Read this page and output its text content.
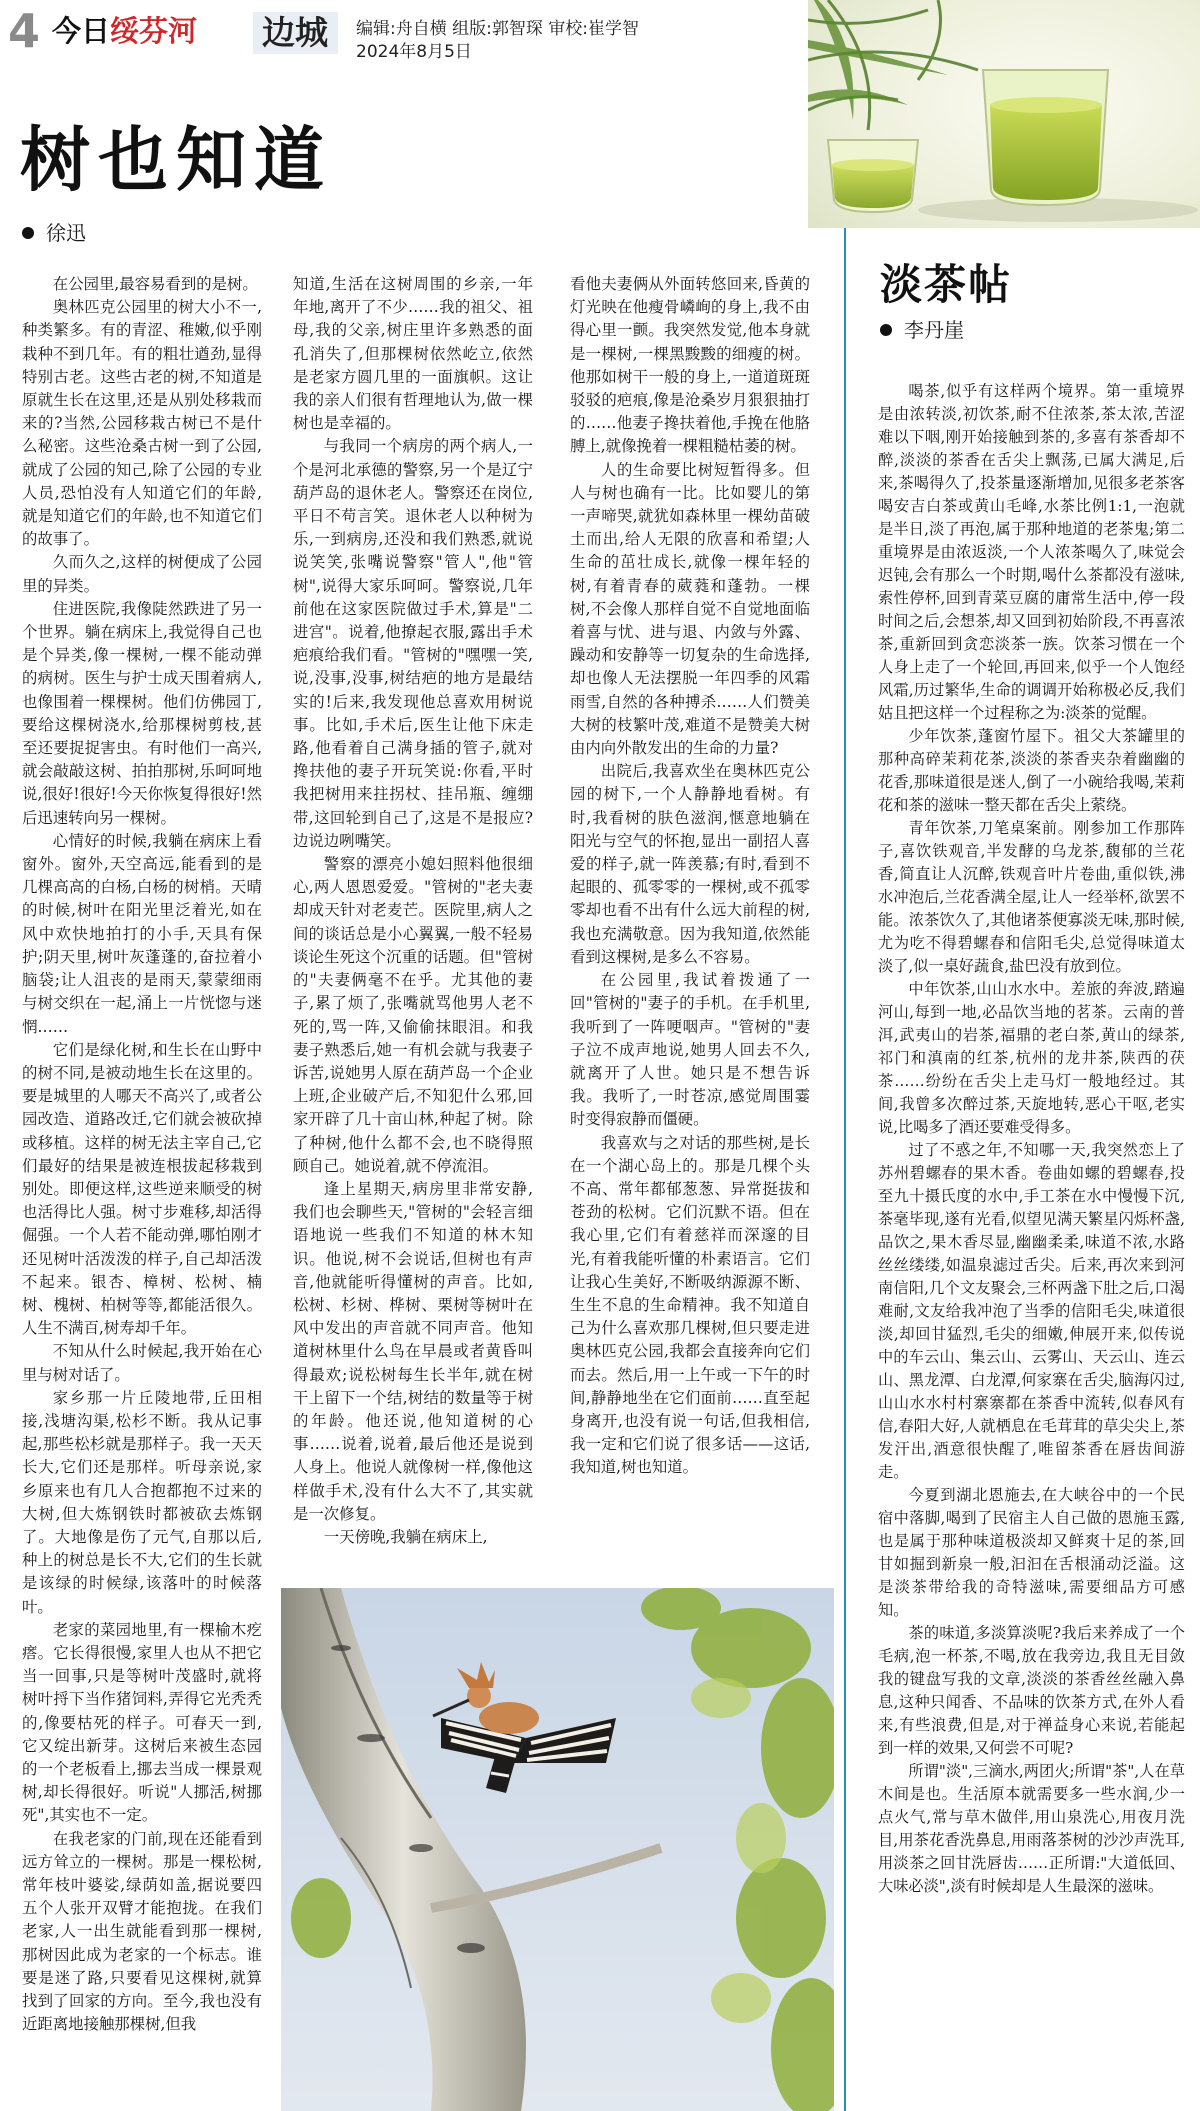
4 今日绥芬河 边城 编辑:舟自横 组版:郭智琛 审校:崔学智
2024年8月5日
树也知道
徐迅
淡茶帖
李丹崖

在公园里,最容易看到的是树。

奥林匹克公园里的树大小不一,种类繁多。有的青涩、稚嫩,似乎刚栽种不到几年。有的粗壮遒劲,显得特别古老。这些古老的树,不知道是原就生长在这里,还是从别处移栽而来的?当然,公园移栽古树已不是什么秘密。这些沧桑古树一到了公园,就成了公园的知己,除了公园的专业人员,恐怕没有人知道它们的年龄,就是知道它们的年龄,也不知道它们的故事了。

久而久之,这样的树便成了公园里的异类。

住进医院,我像陡然跌进了另一个世界。躺在病床上,我觉得自己也是个异类,像一棵树,一棵不能动弹的病树。医生与护士成天围着病人,也像围着一棵棵树。他们仿佛园丁,要给这棵树浇水,给那棵树剪枝,甚至还要捉捉害虫。有时他们一高兴,就会敲敲这树、拍拍那树,乐呵呵地说,很好!很好!今天你恢复得很好!然后迅速转向另一棵树。

心情好的时候,我躺在病床上看窗外。窗外,天空高远,能看到的是几棵高高的白杨,白杨的树梢。天晴的时候,树叶在阳光里泛着光,如在风中欢快地拍打的小手,天具有保护;阴天里,树叶灰蓬蓬的,奋拉着小脑袋;让人沮丧的是雨天,蒙蒙细雨与树交织在一起,涌上一片恍惚与迷惘……

它们是绿化树,和生长在山野中的树不同,是被动地生长在这里的。要是城里的人哪天不高兴了,或者公园改造、道路改迁,它们就会被砍掉或移植。这样的树无法主宰自己,它们最好的结果是被连根拔起移栽到别处。即便这样,这些逆来顺受的树也活得比人强。树寸步难移,却活得倔强。一个人若不能动弹,哪怕刚才还见树叶活泼泼的样子,自己却活泼不起来。银杏、樟树、松树、楠树、槐树、柏树等等,都能活很久。人生不满百,树寿却千年。

不知从什么时候起,我开始在心里与树对话了。

家乡那一片丘陵地带,丘田相接,浅塘沟渠,松杉不断。我从记事起,那些松杉就是那样子。我一天天长大,它们还是那样。听母亲说,家乡原来也有几人合抱都抱不过来的大树,但大炼钢铁时都被砍去炼钢了。大地像是伤了元气,自那以后,种上的树总是长不大,它们的生长就是该绿的时候绿,该落叶的时候落叶。

老家的菜园地里,有一棵榆木疙瘩。它长得很慢,家里人也从不把它当一回事,只是等树叶茂盛时,就将树叶捋下当作猪饲料,弄得它光秃秃的,像要枯死的样子。可春天一到,它又绽出新芽。这树后来被生态园的一个老板看上,挪去当成一棵景观树,却长得很好。听说"人挪活,树挪死",其实也不一定。

在我老家的门前,现在还能看到远方耸立的一棵树。那是一棵松树,常年枝叶婆娑,绿荫如盖,据说要四五个人张开双臂才能抱拢。在我们老家,人一出生就能看到那一棵树,那树因此成为老家的一个标志。谁要是迷了路,只要看见这棵树,就算找到了回家的方向。至今,我也没有近距离地接触那棵树,但我

知道,生活在这树周围的乡亲,一年年地,离开了不少……我的祖父、祖母,我的父亲,树庄里许多熟悉的面孔消失了,但那棵树依然屹立,依然是老家方圆几里的一面旗帜。这让我的亲人们很有哲理地认为,做一棵树也是幸福的。

与我同一个病房的两个病人,一个是河北承德的警察,另一个是辽宁葫芦岛的退休老人。警察还在岗位,平日不苟言笑。退休老人以种树为乐,一到病房,还没和我们熟悉,就说说笑笑,张嘴说警察"管人",他"管树",说得大家乐呵呵。警察说,几年前他在这家医院做过手术,算是"二进宫"。说着,他撩起衣服,露出手术疤痕给我们看。"管树的"嘿嘿一笑,说,没事,没事,树结疤的地方是最结实的!后来,我发现他总喜欢用树说事。比如,手术后,医生让他下床走路,他看着自己满身插的管子,就对搀扶他的妻子开玩笑说:你看,平时我把树用来拄拐杖、挂吊瓶、缠绷带,这回轮到自己了,这是不是报应?边说边咧嘴笑。

警察的漂亮小媳妇照料他很细心,两人恩恩爱爱。"管树的"老夫妻却成天针对老麦芒。医院里,病人之间的谈话总是小心翼翼,一般不轻易谈论生死这个沉重的话题。但"管树的"夫妻俩毫不在乎。尤其他的妻子,累了烦了,张嘴就骂他男人老不死的,骂一阵,又偷偷抹眼泪。和我妻子熟悉后,她一有机会就与我妻子诉苦,说她男人原在葫芦岛一个企业上班,企业破产后,不知犯什么邪,回家开辟了几十亩山林,种起了树。除了种树,他什么都不会,也不晓得照顾自己。她说着,就不停流泪。

逢上星期天,病房里非常安静,我们也会聊些天,"管树的"会轻言细语地说一些我们不知道的林木知识。他说,树不会说话,但树也有声音,他就能听得懂树的声音。比如,松树、杉树、桦树、栗树等树叶在风中发出的声音就不同声音。他知道树林里什么鸟在早晨或者黄昏叫得最欢;说松树每生长半年,就在树干上留下一个结,树结的数量等于树的年龄。他还说,他知道树的心事……说着,说着,最后他还是说到人身上。他说人就像树一样,像他这样做手术,没有什么大不了,其实就是一次修复。

一天傍晚,我躺在病床上,

看他夫妻俩从外面转悠回来,昏黄的灯光映在他瘦骨嶙峋的身上,我不由得心里一颤。我突然发觉,他本身就是一棵树,一棵黑黢黢的细瘦的树。他那如树干一般的身上,一道道斑斑驳驳的疤痕,像是沧桑岁月狠狠抽打的……他妻子搀扶着他,手挽在他胳膊上,就像挽着一棵粗糙枯萎的树。

人的生命要比树短暂得多。但人与树也确有一比。比如婴儿的第一声啼哭,就犹如森林里一棵幼苗破土而出,给人无限的欣喜和希望;人生命的茁壮成长,就像一棵年轻的树,有着青春的葳蕤和蓬勃。一棵树,不会像人那样自觉不自觉地面临着喜与忧、进与退、内敛与外露、躁动和安静等一切复杂的生命选择,却也像人无法摆脱一年四季的风霜雨雪,自然的各种搏杀……人们赞美大树的枝繁叶茂,难道不是赞美大树由内向外散发出的生命的力量?

出院后,我喜欢坐在奥林匹克公园的树下,一个人静静地看树。有时,我看树的肤色滋润,惬意地躺在阳光与空气的怀抱,显出一副招人喜爱的样子,就一阵羡慕;有时,看到不起眼的、孤零零的一棵树,或不孤零零却也看不出有什么远大前程的树,我也充满敬意。因为我知道,依然能看到这棵树,是多么不容易。

在公园里,我试着拨通了一回"管树的"妻子的手机。在手机里,我听到了一阵哽咽声。"管树的"妻子泣不成声地说,她男人回去不久,就离开了人世。她只是不想告诉我。我听了,一时苍凉,感觉周围霎时变得寂静而僵硬。

我喜欢与之对话的那些树,是长在一个湖心岛上的。那是几棵个头不高、常年都郁葱葱、异常挺拔和苍劲的松树。它们沉默不语。但在我心里,它们有着慈祥而深邃的目光,有着我能听懂的朴素语言。它们让我心生美好,不断吸纳源源不断、生生不息的生命精神。我不知道自己为什么喜欢那几棵树,但只要走进奥林匹克公园,我都会直接奔向它们而去。然后,用一上午或一下午的时间,静静地坐在它们面前……直至起身离开,也没有说一句话,但我相信,我一定和它们说了很多话——这话,我知道,树也知道。

喝茶,似乎有这样两个境界。第一重境界是由浓转淡,初饮茶,耐不住浓茶,茶太浓,苦涩难以下咽,刚开始接触到茶的,多喜有茶香却不醉,淡淡的茶香在舌尖上飘荡,已属大满足,后来,茶喝得久了,投茶量逐渐增加,见很多老茶客喝安吉白茶或黄山毛峰,水茶比例1:1,一泡就是半日,淡了再泡,属于那种地道的老茶鬼;第二重境界是由浓返淡,一个人浓茶喝久了,味觉会迟钝,会有那么一个时期,喝什么茶都没有滋味,索性停杯,回到青菜豆腐的庸常生活中,停一段时间之后,会想茶,却又回到初始阶段,不再喜浓茶,重新回到贪恋淡茶一族。饮茶习惯在一个人身上走了一个轮回,再回来,似乎一个人饱经风霜,历过繁华,生命的调调开始称极必反,我们姑且把这样一个过程称之为:淡茶的觉醒。

少年饮茶,蓬窗竹屋下。祖父大茶罐里的那种高碎茉莉花茶,淡淡的茶香夹杂着幽幽的花香,那味道很是迷人,倒了一小碗给我喝,茉莉花和茶的滋味一整天都在舌尖上萦绕。

青年饮茶,刀笔桌案前。刚参加工作那阵子,喜饮铁观音,半发酵的乌龙茶,馥郁的兰花香,简直让人沉醉,铁观音叶片卷曲,重似铁,沸水冲泡后,兰花香满全屋,让人一经举杯,欲罢不能。浓茶饮久了,其他诸茶便寡淡无味,那时候,尤为吃不得碧螺春和信阳毛尖,总觉得味道太淡了,似一桌好蔬食,盐巴没有放到位。

中年饮茶,山山水水中。差旅的奔波,踏遍河山,每到一地,必品饮当地的茗茶。云南的普洱,武夷山的岩茶,福鼎的老白茶,黄山的绿茶,祁门和滇南的红茶,杭州的龙井茶,陕西的茯茶……纷纷在舌尖上走马灯一般地经过。其间,我曾多次醉过茶,天旋地转,恶心干呕,老实说,比喝多了酒还要难受得多。

过了不惑之年,不知哪一天,我突然恋上了苏州碧螺春的果木香。卷曲如螺的碧螺春,投至九十摄氏度的水中,手工茶在水中慢慢下沉,茶毫毕现,遂有光看,似望见满天繁星闪烁杯盏,品饮之,果木香尽显,幽幽柔柔,味道不浓,水路丝丝缕缕,如温泉滤过舌尖。后来,再次来到河南信阳,几个文友聚会,三杯两盏下肚之后,口渴难耐,文友给我冲泡了当季的信阳毛尖,味道很淡,却回甘猛烈,毛尖的细嫩,伸展开来,似传说中的车云山、集云山、云雾山、天云山、连云山、黑龙潭、白龙潭,何家寨在舌尖,脑海闪过,山山水水村村寨寨都在茶香中流转,似春风有信,春阳大好,人就栖息在毛茸茸的草尖尖上,茶发汗出,酒意很快醒了,唯留茶香在唇齿间游走。

今夏到湖北恩施去,在大峡谷中的一个民宿中落脚,喝到了民宿主人自己做的恩施玉露,也是属于那种味道极淡却又鲜爽十足的茶,回甘如掘到新泉一般,汩汩在舌根涌动泛溢。这是淡茶带给我的奇特滋味,需要细品方可感知。

茶的味道,多淡算淡呢?我后来养成了一个毛病,泡一杯茶,不喝,放在我旁边,我且无目敛我的键盘写我的文章,淡淡的茶香丝丝融入鼻息,这种只闻香、不品味的饮茶方式,在外人看来,有些浪费,但是,对于禅益身心来说,若能起到一样的效果,又何尝不可呢?

所谓"淡",三滴水,两团火;所谓"茶",人在草木间是也。生活原本就需要多一些水润,少一点火气,常与草木做伴,用山泉洗心,用夜月洗目,用茶花香洗鼻息,用雨落茶树的沙沙声洗耳,用淡茶之回甘洗唇齿……正所谓:"大道低回、大味必淡",淡有时候却是人生最深的滋味。
